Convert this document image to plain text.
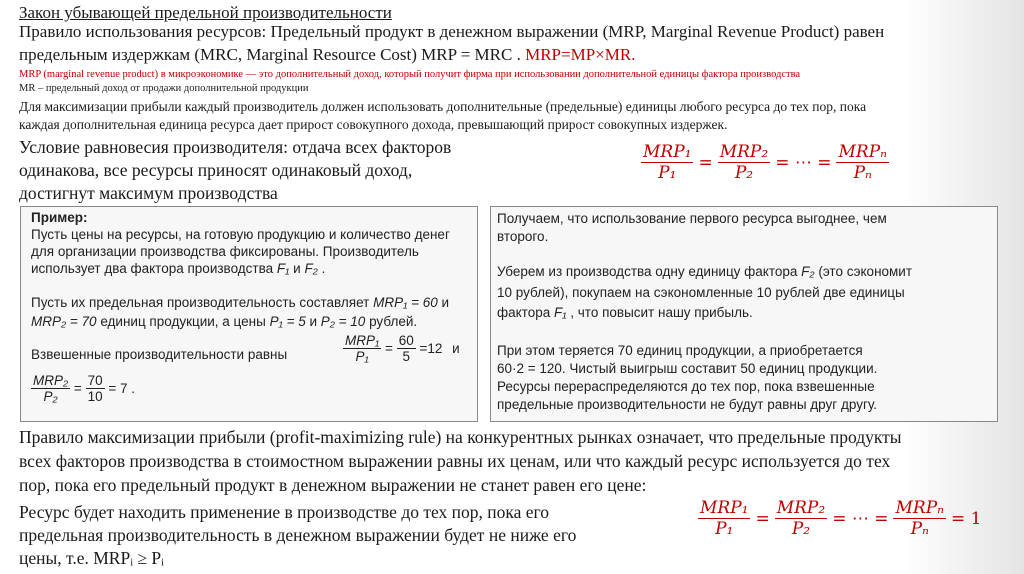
Закон убывающей предельной производительности
Правило использования ресурсов: Предельный продукт в денежном выражении (MRP, Marginal Revenue Product) равен
предельным издержкам (MRC, Marginal Resource Cost) MRP = MRC . MRP=MP×MR.
MRP (marginal revenue product) в микроэкономике — это дополнительный доход, который получит фирма при использовании дополнительной единицы фактора производства
MR – предельный доход от продажи дополнительной продукции
Для максимизации прибыли каждый производитель должен использовать дополнительные (предельные) единицы любого ресурса до тех пор, пока
каждая дополнительная единица ресурса дает прирост совокупного дохода, превышающий прирост совокупных издержек.
Условие равновесия производителя: отдача всех факторов
одинакова, все ресурсы приносят одинаковый доход,
достигнут максимум производства
$\frac{\text{MRP₁}}{\text{P₁}} = \frac{\text{MRP₂}}{\text{P₂}}$ = ⋯ = $\frac{\text{MRPₙ}}{\text{Pₙ}}$
Пример:
Пусть цены на ресурсы, на готовую продукцию и количество денег
для организации производства фиксированы. Производитель
использует два фактора производства F₁ и F₂ .
Пусть их предельная производительность составляет MRP₁ = 60 и
MRP₂ = 70 единиц продукции, а цены P₁ = 5 и P₂ = 10 рублей.
Взвешенные производительности равны	$\frac{\text{MRP₁}}{\text{P₁}} = \frac{60}{5} =12$ и
$\frac{\text{MRP₂}}{\text{P₂}} = \frac{70}{10} = 7$ .
Получаем, что использование первого ресурса выгоднее, чем
второго.
Уберем из производства одну единицу фактора F₂ (это сэкономит
10 рублей), покупаем на сэкономленные 10 рублей две единицы
фактора F₁ , что повысит нашу прибыль.
При этом теряется 70 единиц продукции, а приобретается
60·2 = 120. Чистый выигрыш составит 50 единиц продукции.
Ресурсы перераспределяются до тех пор, пока взвешенные
предельные производительности не будут равны друг другу.
Правило максимизации прибыли (profit-maximizing rule) на конкурентных рынках означает, что предельные продукты
всех факторов производства в стоимостном выражении равны их ценам, или что каждый ресурс используется до тех
пор, пока его предельный продукт в денежном выражении не станет равен его цене:
Ресурс будет находить применение в производстве до тех пор, пока его
предельная производительность в денежном выражении будет не ниже его
цены, т.е. MRPᵢ ≥ Pᵢ
$\frac{\text{MRP₁}}{\text{P₁}} = \frac{\text{MRP₂}}{\text{P₂}}$ = ⋯ = $\frac{\text{MRPₙ}}{\text{Pₙ}} = 1$
